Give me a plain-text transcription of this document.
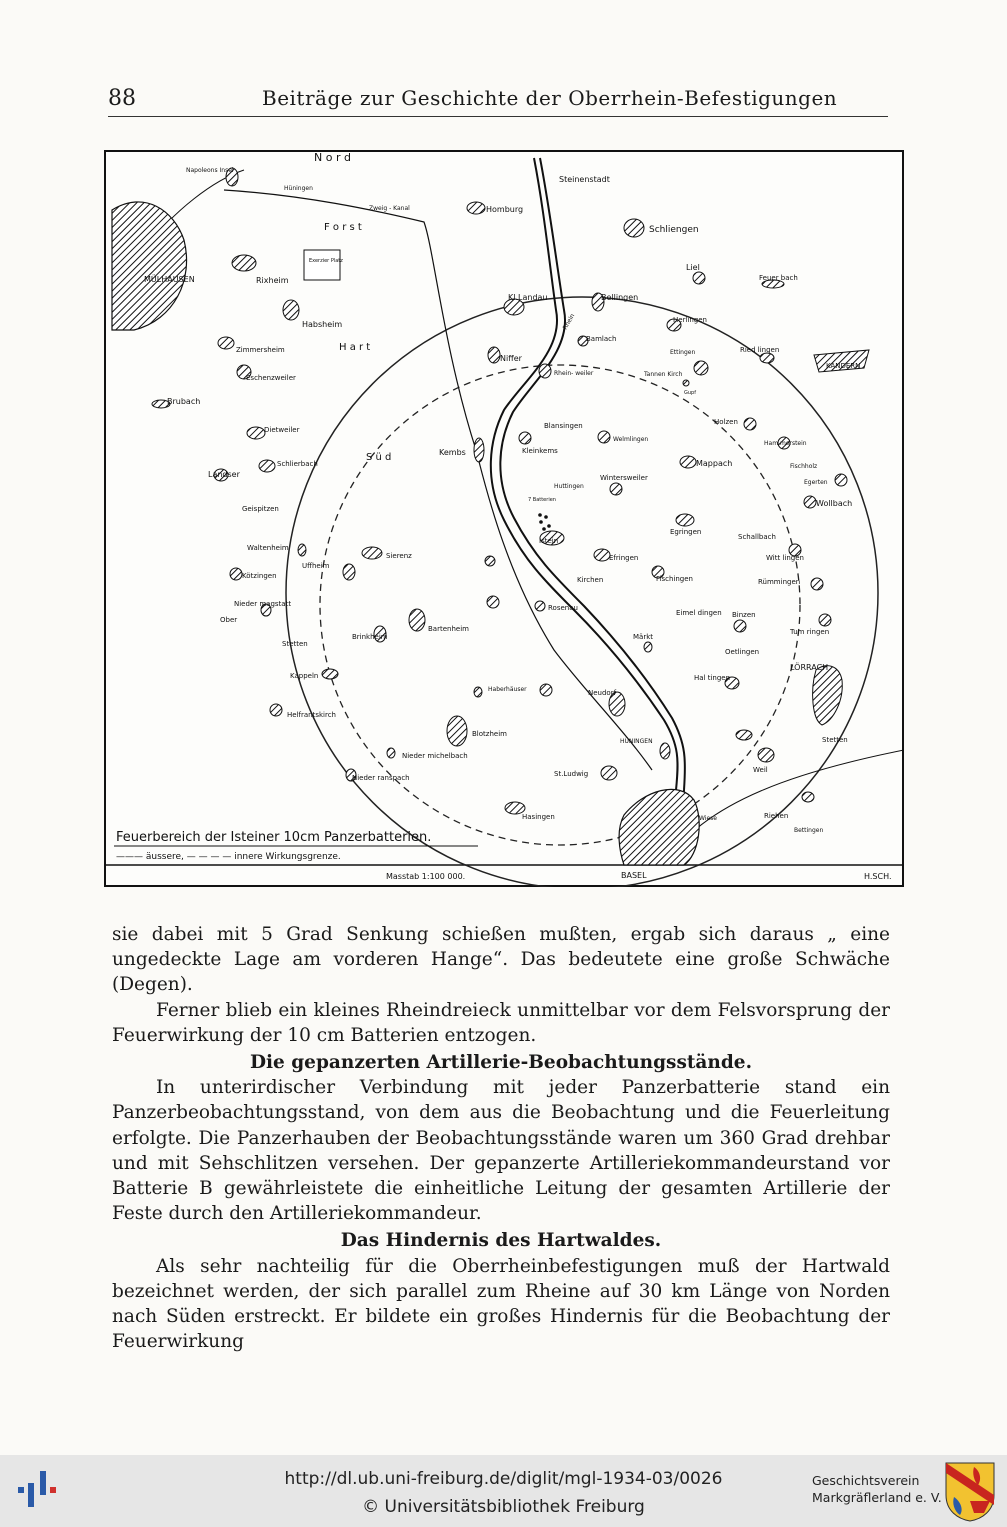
88	Beiträge zur Geschichte der Oberrhein-Befestigungen
N o r d
F o r s t
H a r t
S ü d
Napoleons Insel
Hüningen
Zweig - Kanal
Steinenstadt
Homburg
Schliengen
MÜLHAUSEN	Rixheim
Exerzier Platz
Liel
Feuer bach
Kl.Landau	Bellingen
Habsheim	Herlingen
Bamlach
Zimmersheim
Eschenzweiler
Niffer
Rhein- weiler
Ettingen
Tannen Kirch
Ried lingen
KANDERN
Brubach
Gupf
Holzen
Dietweiler	Blansingen
Welmlingen
Ham merstein
Kembs	Kleinkems
Schlierbach
Landser
Huttingen
Wintersweiler
Mappach	Fischholz
Egerten
Wollbach
7 Batterien
Geispitzen
Istein
Efringen
Egringen
Schallbach
Waltenheim
Uffheim
Sierenz	Witt lingen
Kötzingen	Kirchen	Fischingen	Rümmingen
Nieder magstatt
Ober
Rosenau
Eimel dingen Binzen
Brinkheim
Bartenheim
Märkt
Tum ringen
Stetten
Oetlingen
Kappeln
LÖRRACH
Hal tingen
Haberhäuser	Neudorf
Helfrantskirch
Blotzheim
HÜNINGEN
Nieder michelbach
St.Ludwig	Weil
Riehen
Stetten
Nieder ranspach
Hasingen	Wiese
Bettingen
Rhein
Feuerbereich der Isteiner 10cm Panzerbatterien.
——— äussere, — — — — innere Wirkungsgrenze.
Masstab 1:100 000.	BASEL	H.SCH.

sie dabei mit 5 Grad Senkung schießen mußten, ergab sich daraus „ eine ungedeckte Lage am vorderen Hange“. Das bedeutete eine große Schwäche (Degen).

Ferner blieb ein kleines Rheindreieck unmittelbar vor dem Felsvorsprung der Feuerwirkung der 10 cm Batterien entzogen.

Die gepanzerten Artillerie-Beobachtungsstände.

In unterirdischer Verbindung mit jeder Panzerbatterie stand ein Panzerbeobachtungsstand, von dem aus die Beobachtung und die Feuerleitung erfolgte. Die Panzerhauben der Beobachtungsstände waren um 360 Grad drehbar und mit Sehschlitzen versehen. Der gepanzerte Artilleriekommandeurstand vor Batterie B gewährleistete die einheitliche Leitung der gesamten Artillerie der Feste durch den Artilleriekommandeur.

Das Hindernis des Hartwaldes.

Als sehr nachteilig für die Oberrheinbefestigungen muß der Hartwald bezeichnet werden, der sich parallel zum Rheine auf 30 km Länge von Norden nach Süden erstreckt. Er bildete ein großes Hindernis für die Beobachtung der Feuerwirkung

http://dl.ub.uni-freiburg.de/diglit/mgl-1934-03/0026
© Universitätsbibliothek Freiburg
Geschichtsverein
Markgräflerland e. V.
